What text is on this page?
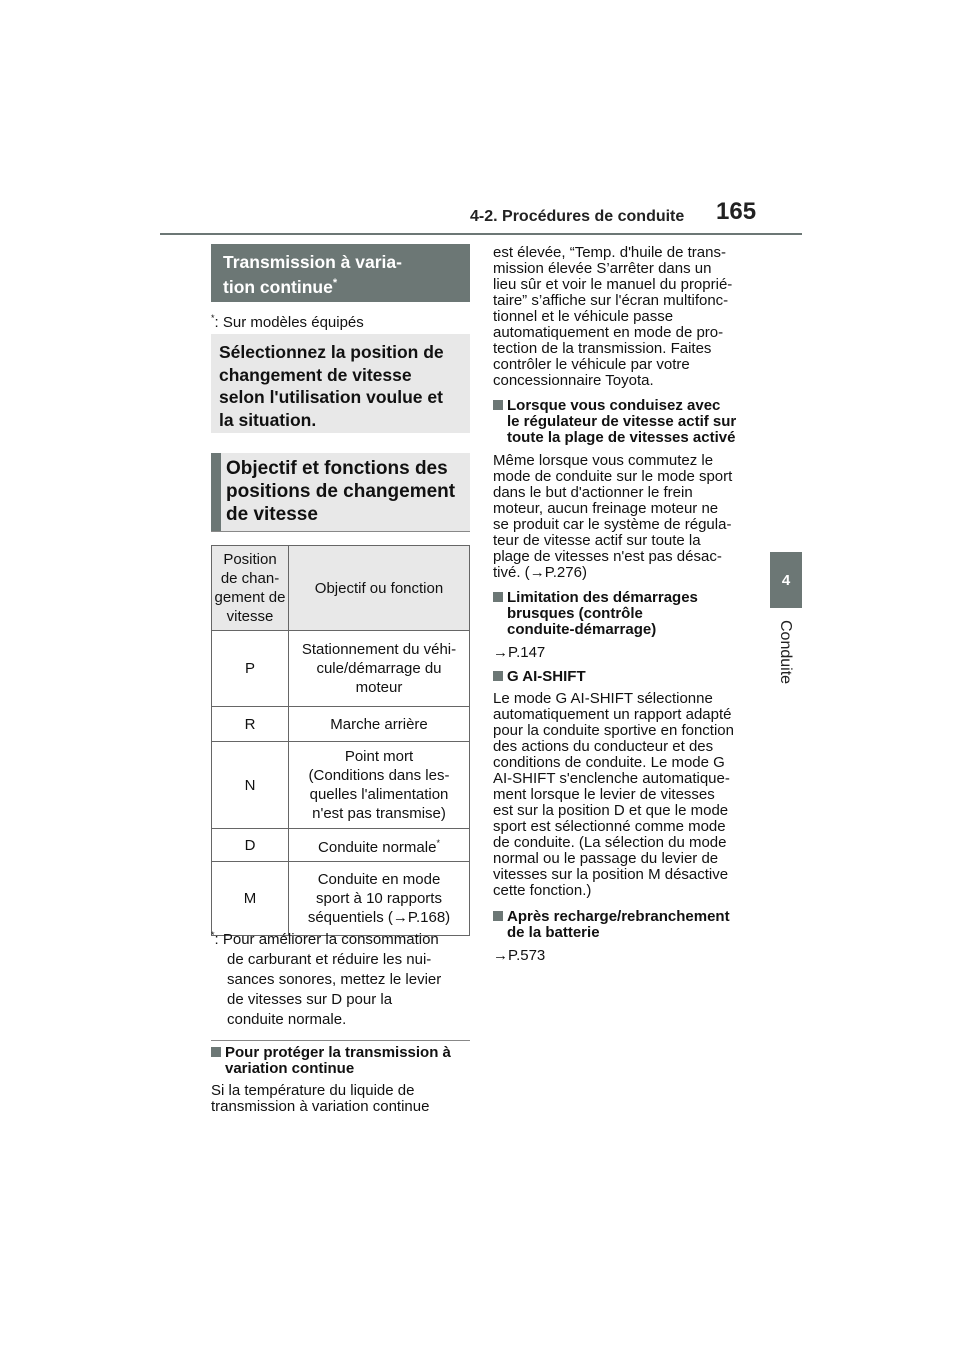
4-2. Procédures de conduite 165
4
Conduite
Transmission à varia-
tion continue*
*: Sur modèles équipés
Sélectionnez la position de
changement de vitesse
selon l'utilisation voulue et
la situation.
Objectif et fonctions des
positions de changement
de vitesse
Position
de chan-
gement de
vitesse	Objectif ou fonction
P	Stationnement du véhi-
cule/démarrage du
moteur
R	Marche arrière
N	Point mort
(Conditions dans les-
quelles l'alimentation
n'est pas transmise)
D	Conduite normale*
M	Conduite en mode
sport à 10 rapports
séquentiels (→P.168)
*: Pour améliorer la consommation
de carburant et réduire les nui-
sances sonores, mettez le levier
de vitesses sur D pour la
conduite normale.
Pour protéger la transmission à
variation continue
Si la température du liquide de
transmission à variation continue
est élevée, “Temp. d'huile de trans-
mission élevée S’arrêter dans un
lieu sûr et voir le manuel du proprié-
taire” s’affiche sur l'écran multifonc-
tionnel et le véhicule passe
automatiquement en mode de pro-
tection de la transmission. Faites
contrôler le véhicule par votre
concessionnaire Toyota.
Lorsque vous conduisez avec
le régulateur de vitesse actif sur
toute la plage de vitesses activé
Même lorsque vous commutez le
mode de conduite sur le mode sport
dans le but d'actionner le frein
moteur, aucun freinage moteur ne
se produit car le système de régula-
teur de vitesse actif sur toute la
plage de vitesses n'est pas désac-
tivé. (→P.276)
Limitation des démarrages
brusques (contrôle
conduite-démarrage)
→P.147
G AI-SHIFT
Le mode G AI-SHIFT sélectionne
automatiquement un rapport adapté
pour la conduite sportive en fonction
des actions du conducteur et des
conditions de conduite. Le mode G
AI-SHIFT s'enclenche automatique-
ment lorsque le levier de vitesses
est sur la position D et que le mode
sport est sélectionné comme mode
de conduite. (La sélection du mode
normal ou le passage du levier de
vitesses sur la position M désactive
cette fonction.)
Après recharge/rebranchement
de la batterie
→P.573
